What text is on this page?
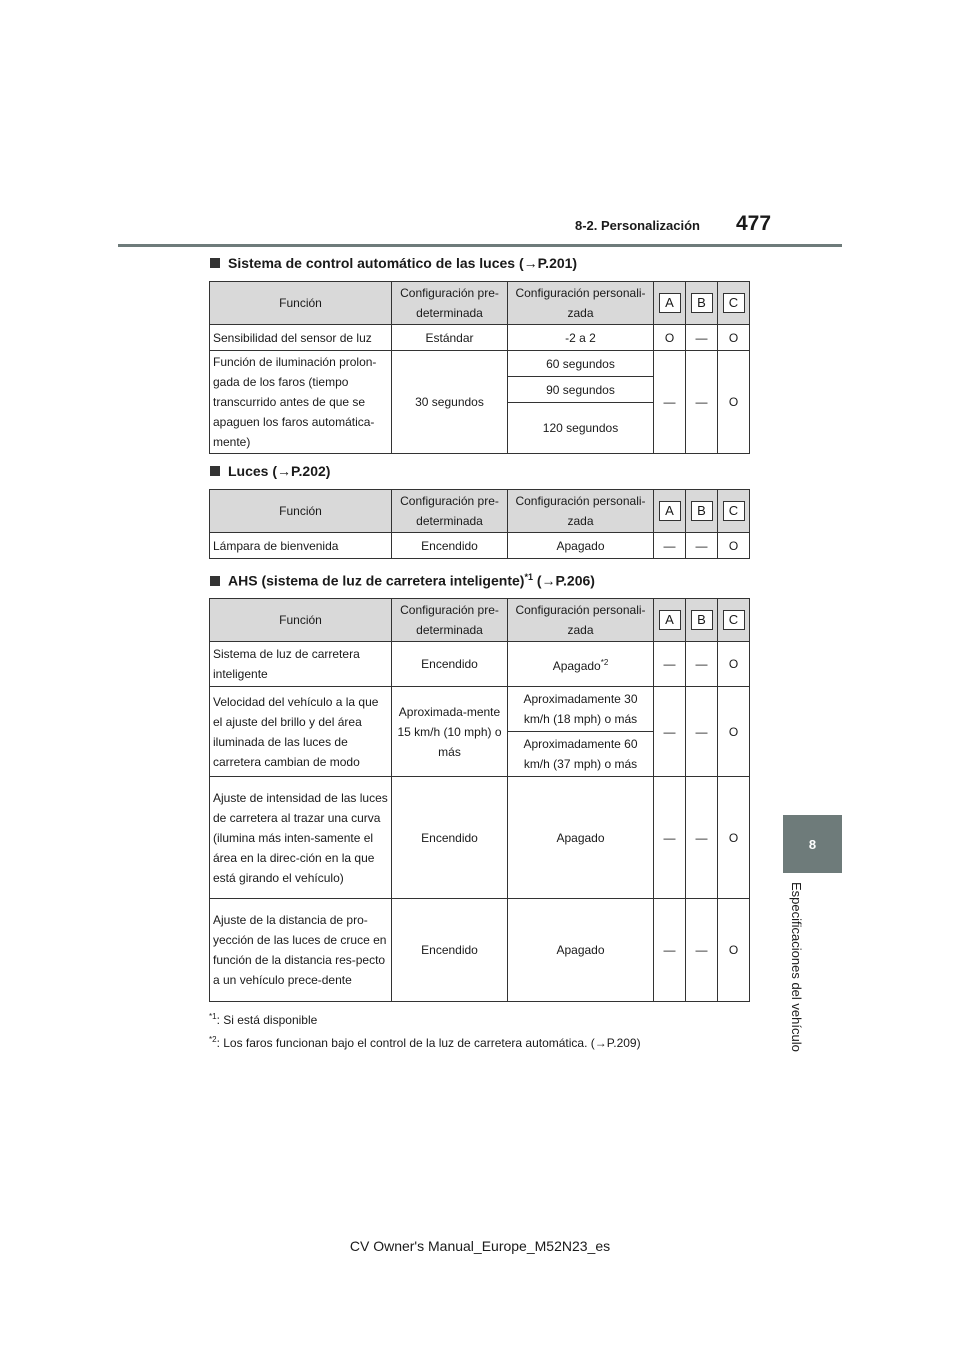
8-2. Personalización 477
8
Especificaciones del vehículo
Sistema de control automático de las luces (→P.201)
Función	Configuración pre-determinada	Configuración personali-zada	A	B	C
Sensibilidad del sensor de luz	Estándar	-2 a 2	O	—	O
Función de iluminación prolon-gada de los faros (tiempo transcurrido antes de que se apaguen los faros automática-mente)	30 segundos	60 segundos	—	—	O
		90 segundos			
		120 segundos			
Luces (→P.202)
Función	Configuración pre-determinada	Configuración personali-zada	A	B	C
Lámpara de bienvenida	Encendido	Apagado	—	—	O
AHS (sistema de luz de carretera inteligente)$^{*1}$ (→P.206)
Función	Configuración pre-determinada	Configuración personali-zada	A	B	C
Sistema de luz de carretera inteligente	Encendido	Apagado$^{*2}$	—	—	O
Velocidad del vehículo a la que el ajuste del brillo y del área iluminada de las luces de carretera cambian de modo	Aproximada-mente 15 km/h (10 mph) o más	Aproximadamente 30 km/h (18 mph) o más	—	—	O
		Aproximadamente 60 km/h (37 mph) o más			
Ajuste de intensidad de las luces de carretera al trazar una curva (ilumina más inten-samente el área en la direc-ción en la que está girando el vehículo)	Encendido	Apagado	—	—	O
Ajuste de la distancia de pro-yección de las luces de cruce en función de la distancia res-pecto a un vehículo prece-dente	Encendido	Apagado	—	—	O
$^{*1}$: Si está disponible
$^{*2}$: Los faros funcionan bajo el control de la luz de carretera automática. (→P.209)
CV Owner's Manual_Europe_M52N23_es
